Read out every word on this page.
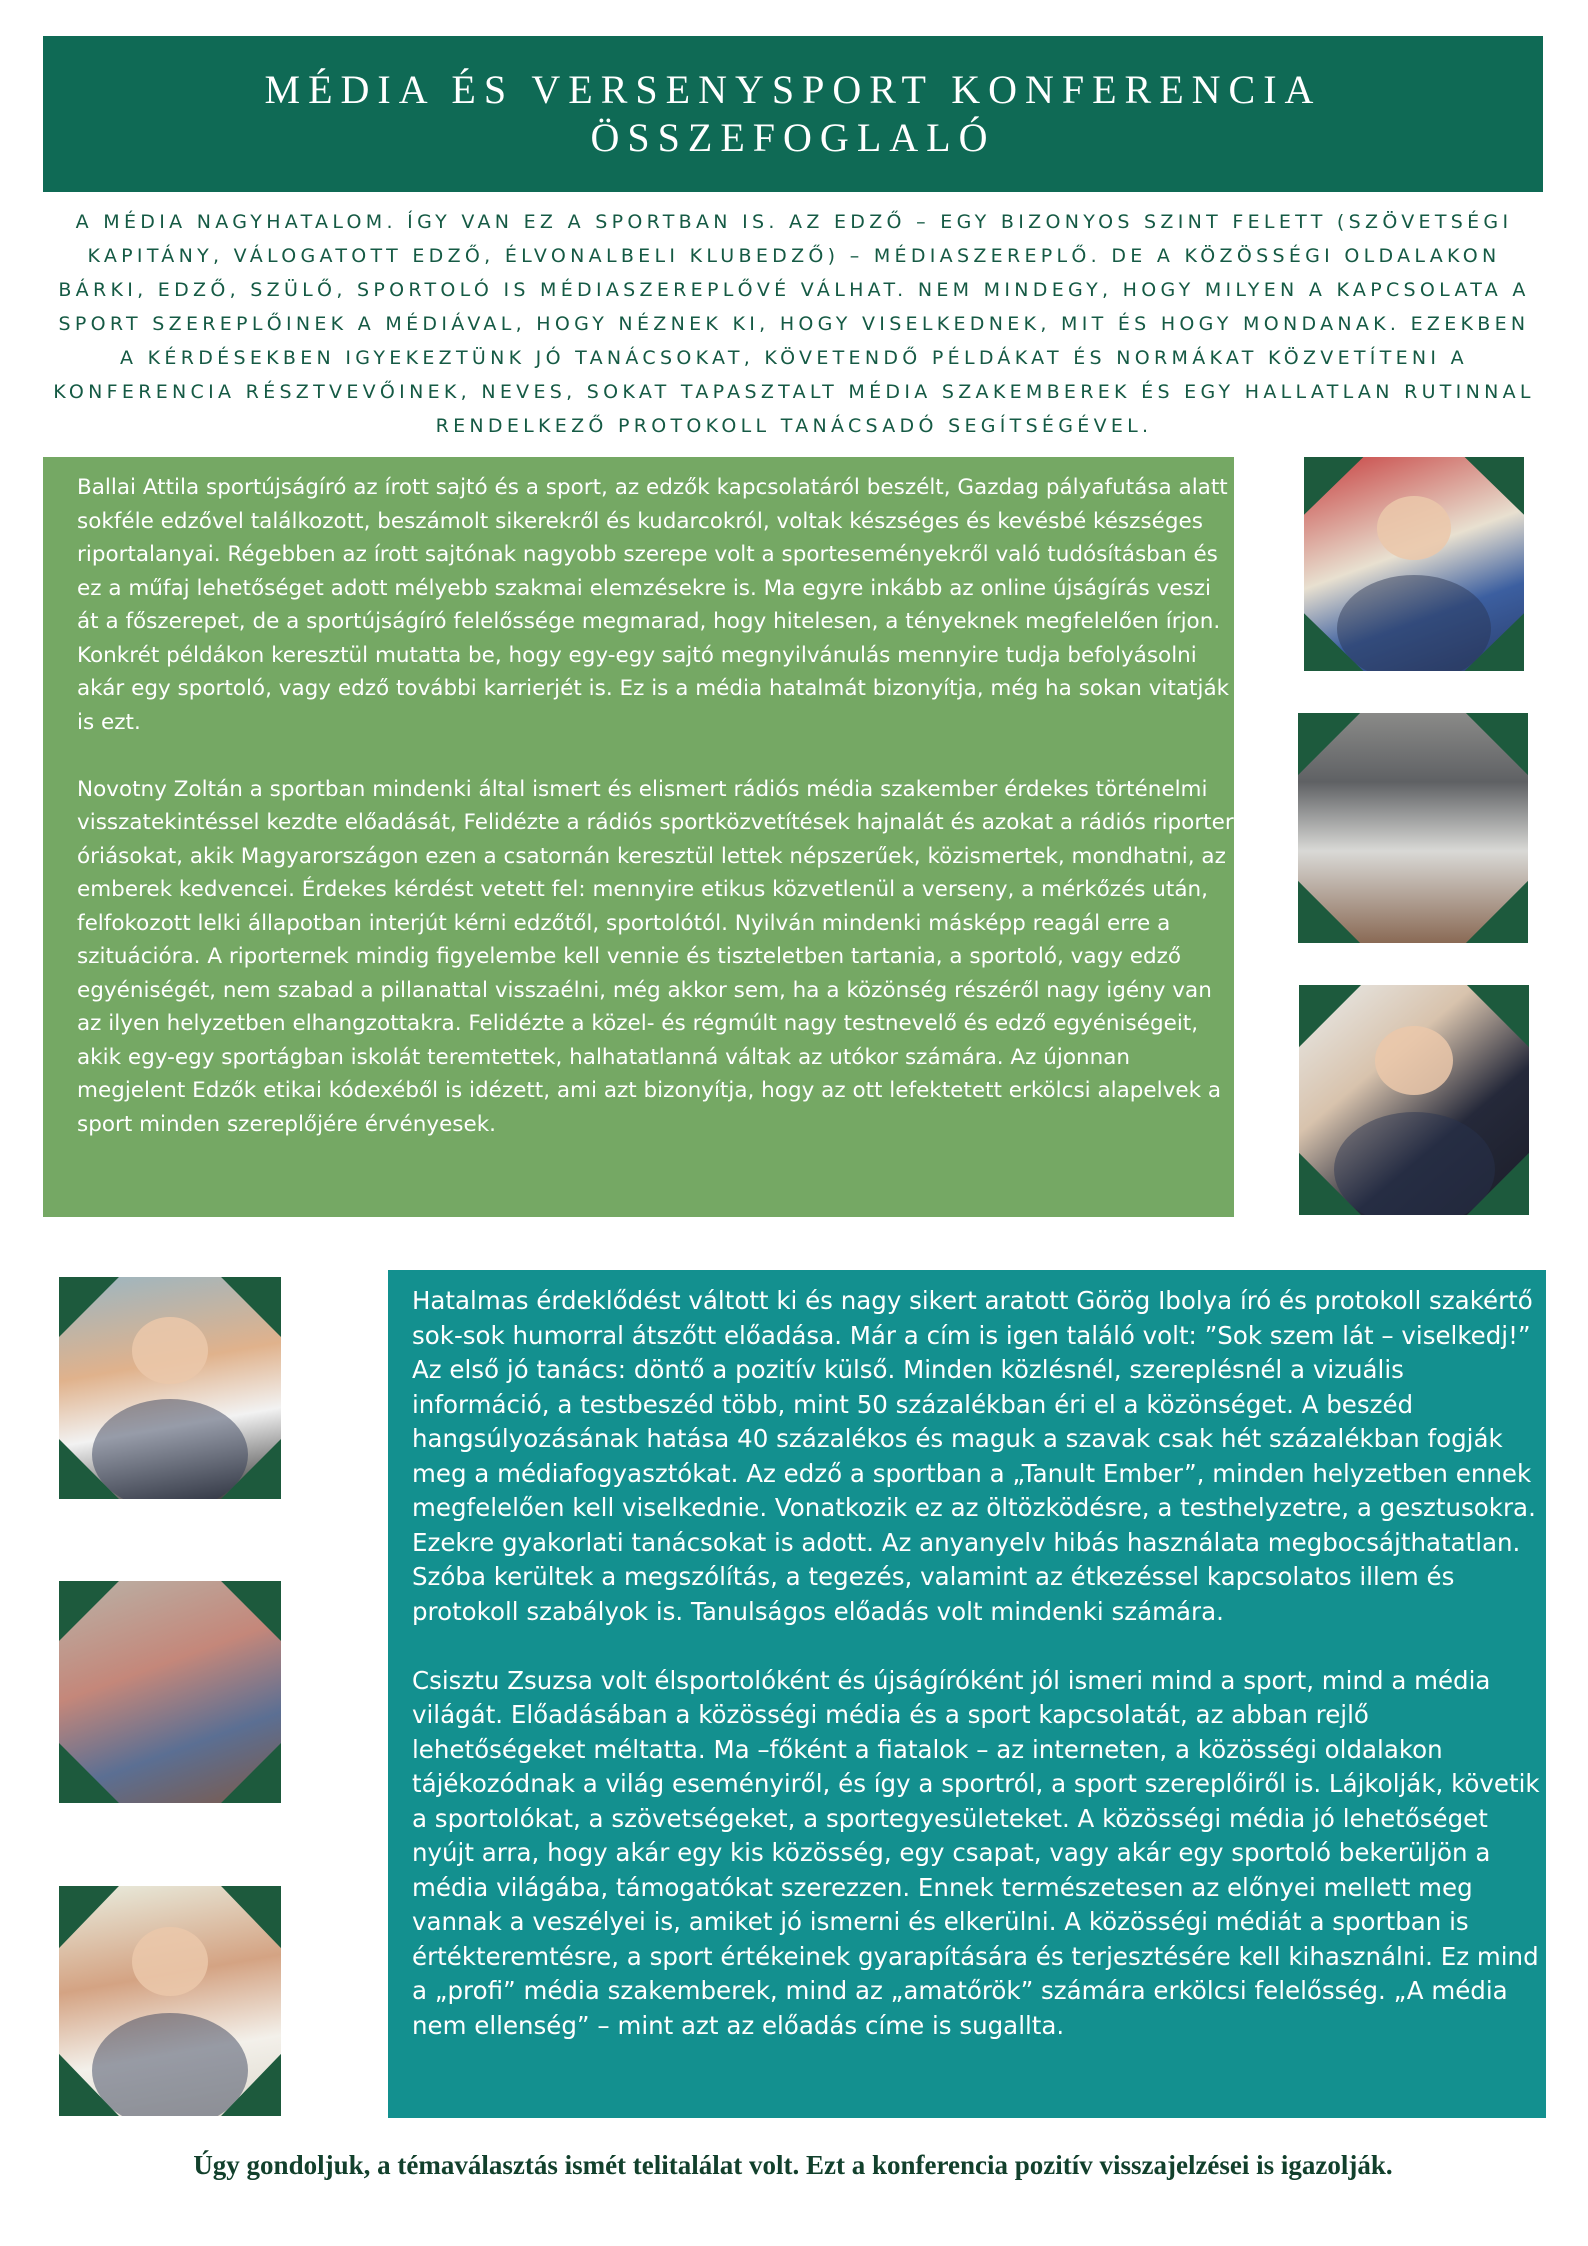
MÉDIA ÉS VERSENYSPORT KONFERENCIA
ÖSSZEFOGLALÓ
A MÉDIA NAGYHATALOM. ÍGY VAN EZ A SPORTBAN IS. AZ EDZŐ – EGY BIZONYOS SZINT FELETT (SZÖVETSÉGI KAPITÁNY, VÁLOGATOTT EDZŐ, ÉLVONALBELI KLUBEDZŐ) – MÉDIASZEREPLŐ. DE A KÖZÖSSÉGI OLDALAKON BÁRKI, EDZŐ, SZÜLŐ, SPORTOLÓ IS MÉDIASZEREPLŐVÉ VÁLHAT. NEM MINDEGY, HOGY MILYEN A KAPCSOLATA A SPORT SZEREPLŐINEK A MÉDIÁVAL, HOGY NÉZNEK KI, HOGY VISELKEDNEK, MIT ÉS HOGY MONDANAK. EZEKBEN A KÉRDÉSEKBEN IGYEKEZTÜNK JÓ TANÁCSOKAT, KÖVETENDŐ PÉLDÁKAT ÉS NORMÁKAT KÖZVETÍTENI A KONFERENCIA RÉSZTVEVŐINEK, NEVES, SOKAT TAPASZTALT MÉDIA SZAKEMBEREK ÉS EGY HALLATLAN RUTINNAL RENDELKEZŐ PROTOKOLL TANÁCSADÓ SEGÍTSÉGÉVEL.

Ballai Attila sportújságíró az írott sajtó és a sport, az edzők kapcsolatáról beszélt, Gazdag pályafutása alatt sokféle edzővel találkozott, beszámolt sikerekről és kudarcokról, voltak készséges és kevésbé készséges riportalanyai. Régebben az írott sajtónak nagyobb szerepe volt a sporteseményekről való tudósításban és ez a műfaj lehetőséget adott mélyebb szakmai elemzésekre is. Ma egyre inkább az online újságírás veszi át a főszerepet, de a sportújságíró felelőssége megmarad, hogy hitelesen, a tényeknek megfelelően írjon. Konkrét példákon keresztül mutatta be, hogy egy-egy sajtó megnyilvánulás mennyire tudja befolyásolni akár egy sportoló, vagy edző további karrierjét is. Ez is a média hatalmát bizonyítja, még ha sokan vitatják is ezt.

Novotny Zoltán a sportban mindenki által ismert és elismert rádiós média szakember érdekes történelmi visszatekintéssel kezdte előadását, Felidézte a rádiós sportközvetítések hajnalát és azokat a rádiós riporter óriásokat, akik Magyarországon ezen a csatornán keresztül lettek népszerűek, közismertek, mondhatni, az emberek kedvencei. Érdekes kérdést vetett fel: mennyire etikus közvetlenül a verseny, a mérkőzés után, felfokozott lelki állapotban interjút kérni edzőtől, sportolótól. Nyilván mindenki másképp reagál erre a szituációra. A riporternek mindig figyelembe kell vennie és tiszteletben tartania, a sportoló, vagy edző egyéniségét, nem szabad a pillanattal visszaélni, még akkor sem, ha a közönség részéről nagy igény van az ilyen helyzetben elhangzottakra. Felidézte a közel- és régmúlt nagy testnevelő és edző egyéniségeit, akik egy-egy sportágban iskolát teremtettek, halhatatlanná váltak az utókor számára. Az újonnan megjelent Edzők etikai kódexéből is idézett, ami azt bizonyítja, hogy az ott lefektetett erkölcsi alapelvek a sport minden szereplőjére érvényesek.

Hatalmas érdeklődést váltott ki és nagy sikert aratott Görög Ibolya író és protokoll szakértő sok-sok humorral átszőtt előadása. Már a cím is igen találó volt: ”Sok szem lát – viselkedj!” Az első jó tanács: döntő a pozitív külső. Minden közlésnél, szereplésnél a vizuális információ, a testbeszéd több, mint 50 százalékban éri el a közönséget. A beszéd hangsúlyozásának hatása 40 százalékos és maguk a szavak csak hét százalékban fogják meg a médiafogyasztókat. Az edző a sportban a „Tanult Ember”, minden helyzetben ennek megfelelően kell viselkednie. Vonatkozik ez az öltözködésre, a testhelyzetre, a gesztusokra. Ezekre gyakorlati tanácsokat is adott. Az anyanyelv hibás használata megbocsájthatatlan. Szóba kerültek a megszólítás, a tegezés, valamint az étkezéssel kapcsolatos illem és protokoll szabályok is. Tanulságos előadás volt mindenki számára.

Csisztu Zsuzsa volt élsportolóként és újságíróként jól ismeri mind a sport, mind a média világát. Előadásában a közösségi média és a sport kapcsolatát, az abban rejlő lehetőségeket méltatta. Ma –főként a fiatalok – az interneten, a közösségi oldalakon tájékozódnak a világ eseményiről, és így a sportról, a sport szereplőiről is. Lájkolják, követik a sportolókat, a szövetségeket, a sportegyesületeket. A közösségi média jó lehetőséget nyújt arra, hogy akár egy kis közösség, egy csapat, vagy akár egy sportoló bekerüljön a média világába, támogatókat szerezzen. Ennek természetesen az előnyei mellett meg vannak a veszélyei is, amiket jó ismerni és elkerülni. A közösségi médiát a sportban is értékteremtésre, a sport értékeinek gyarapítására és terjesztésére kell kihasználni. Ez mind a „profi” média szakemberek, mind az „amatőrök” számára erkölcsi felelősség. „A média nem ellenség” – mint azt az előadás címe is sugallta.

Úgy gondoljuk, a témaválasztás ismét telitalálat volt. Ezt a konferencia pozitív visszajelzései is igazolják.
